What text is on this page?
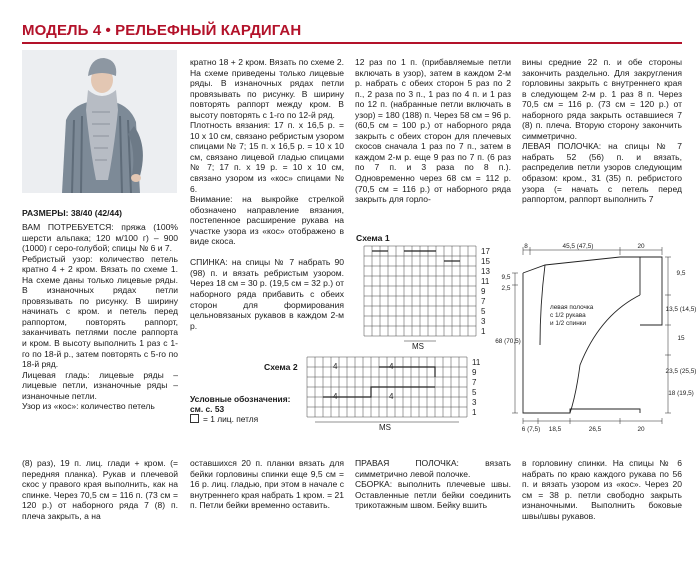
МОДЕЛЬ 4 • РЕЛЬЕФНЫЙ КАРДИГАН
РАЗМЕРЫ: 38/40 (42/44)
ВАМ ПОТРЕБУЕТСЯ: пряжа (100% шерсти альпака; 120 м/100 г) – 900 (1000) г серо-голубой; спицы № 6 и 7.
Ребристый узор: количество петель кратно 4 + 2 кром. Вязать по схеме 1. На схеме даны только лицевые ряды. В изнаночных рядах петли провязывать по рисунку. В ширину начинать с кром. и петель перед раппортом, повторять раппорт, заканчивать петлями после раппорта и кром. В высоту выполнить 1 раз с 1-го по 18-й р., затем повторять с 5-го по 18-й ряд.
Лицевая гладь: лицевые ряды – лицевые петли, изнаночные ряды – изнаночные петли.
Узор из «кос»: количество петель
кратно 18 + 2 кром. Вязать по схеме 2. На схеме приведены только лицевые ряды. В изнаночных рядах петли провязывать по рисунку. В ширину повторять раппорт между кром. В высоту повторять с 1-го по 12-й ряд.
Плотность вязания: 17 п. х 16,5 р. = 10 х 10 см, связано ребристым узором спицами № 7; 15 п. х 16,5 р. = 10 х 10 см, связано лицевой гладью спицами № 7; 17 п. х 19 р. = 10 х 10 см, связано узором из «кос» спицами № 6.
Внимание: на выкройке стрелкой обозначено направление вязания, постепенное расширение рукава на участке узора из «кос» отображено в виде скоса.

СПИНКА: на спицы № 7 набрать 90 (98) п. и вязать ребристым узором. Через 18 см = 30 р. (19,5 см = 32 р.) от наборного ряда прибавить с обеих сторон для формирования цельновязаных рукавов в каждом 2-м р.
12 раз по 1 п. (прибавляемые петли включать в узор), затем в каждом 2-м р. набрать с обеих сторон 5 раз по 2 п., 2 раза по 3 п., 1 раз по 4 п. и 1 раз по 12 п. (набранные петли включать в узор) = 180 (188) п. Через 58 см = 96 р. (60,5 см = 100 р.) от наборного ряда закрыть с обеих сторон для плечевых скосов сначала 1 раз по 7 п., затем в каждом 2-м р. еще 9 раз по 7 п. (6 раз по 7 п. и 3 раза по 8 п.). Одновременно через 68 см = 112 р. (70,5 см = 116 р.) от наборного ряда закрыть для горло-
вины средние 22 п. и обе стороны закончить раздельно. Для закругления горловины закрыть с внутреннего края в следующем 2-м р. 1 раз 8 п. Через 70,5 см = 116 р. (73 см = 120 р.) от наборного ряда закрыть оставшиеся 7 (8) п. плеча. Вторую сторону закончить симметрично.
ЛЕВАЯ ПОЛОЧКА: на спицы № 7 набрать 52 (56) п. и вязать, распределив петли узоров следующим образом: кром., 31 (35) п. ребристого узора (= начать с петель перед раппортом, раппорт выполнить 7
(8) раз), 19 п. лиц. глади + кром. (= передняя планка). Рукав и плечевой скос у правого края выполнить, как на спинке. Через 70,5 см = 116 п. (73 см = 120 р.) от наборного ряда 7 (8) п. плеча закрыть, а на
оставшихся 20 п. планки вязать для бейки горловины спинки еще 9,5 см = 16 р. лиц. гладью, при этом в начале с внутреннего края набрать 1 кром. = 21 п. Петли бейки временно оставить.
ПРАВАЯ ПОЛОЧКА: вязать симметрично левой полочке.
СБОРКА: выполнить плечевые швы. Оставленные петли бейки соединить трикотажным швом. Бейку вшить
в горловину спинки. На спицы № 6 набрать по краю каждого рукава по 56 п. и вязать узором из «кос». Через 20 см = 38 р. петли свободно закрыть изнаночными. Выполнить боковые швы/швы рукавов.
Схема 1
17
15
13
11
9
7
5
3
1
MS
Схема 2
4	4
4	4	11
9
7
5
3
1
MS
Условные обозначения:
см. с. 53
= 1 лиц. петля
8	45,5 (47,5)	20
9,5
2,5
68 (70,5)
9,5
13,5 (14,5)
15
23,5 (25,5)
18 (19,5)
6 (7,5) 18,5	26,5	20
левая полочка
с 1/2 рукава
и 1/2 спинки
